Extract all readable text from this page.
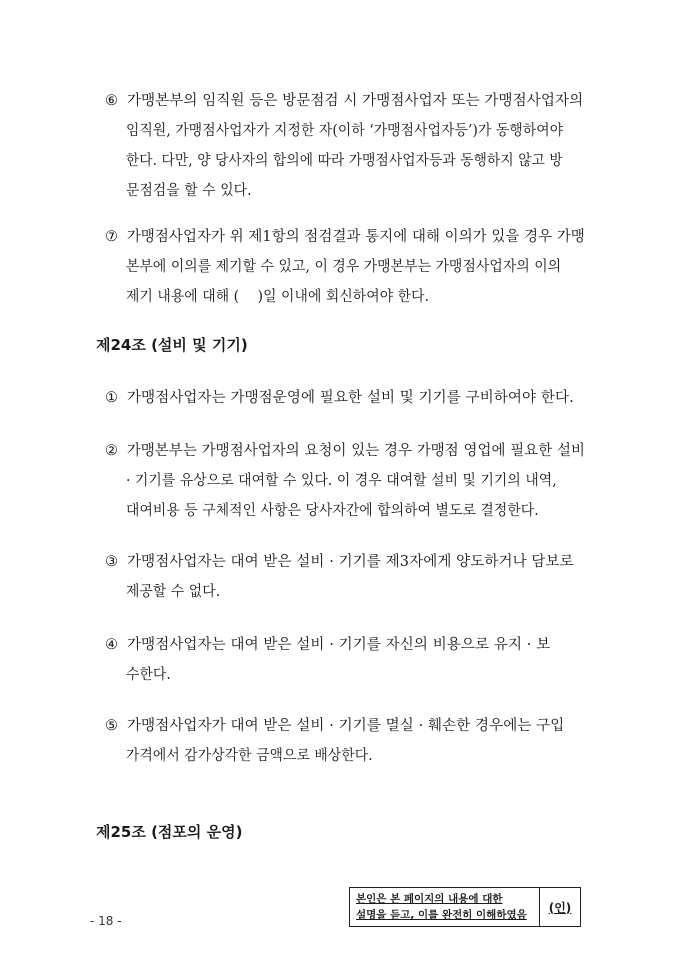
⑥ 가맹본부의 임직원 등은 방문점검 시 가맹점사업자 또는 가맹점사업자의
임직원, 가맹점사업자가 지정한 자(이하 ‘가맹점사업자등’)가 동행하여야
한다. 다만, 양 당사자의 합의에 따라 가맹점사업자등과 동행하지 않고 방
문점검을 할 수 있다.
⑦ 가맹점사업자가 위 제1항의 점검결과 통지에 대해 이의가 있을 경우 가맹
본부에 이의를 제기할 수 있고, 이 경우 가맹본부는 가맹점사업자의 이의
제기 내용에 대해 (　 )일 이내에 회신하여야 한다.
제24조 (설비 및 기기)
① 가맹점사업자는 가맹점운영에 필요한 설비 및 기기를 구비하여야 한다.
② 가맹본부는 가맹점사업자의 요청이 있는 경우 가맹점 영업에 필요한 설비
· 기기를 유상으로 대여할 수 있다. 이 경우 대여할 설비 및 기기의 내역,
대여비용 등 구체적인 사항은 당사자간에 합의하여 별도로 결정한다.
③ 가맹점사업자는 대여 받은 설비 · 기기를 제3자에게 양도하거나 담보로
제공할 수 없다.
④ 가맹점사업자는 대여 받은 설비 · 기기를 자신의 비용으로 유지 · 보
수한다.
⑤ 가맹점사업자가 대여 받은 설비 · 기기를 멸실 · 훼손한 경우에는 구입
가격에서 감가상각한 금액으로 배상한다.
제25조 (점포의 운영)
- 18 -
본인은 본 페이지의 내용에 대한
설명을 듣고, 이를 완전히 이해하였음
(인)
